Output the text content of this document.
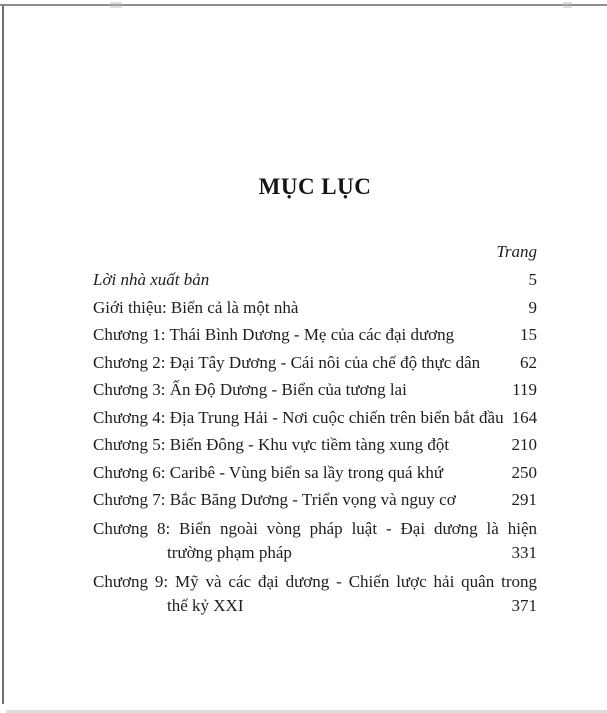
MỤC LỤC
Trang
Lời nhà xuất bản	5
Giới thiệu: Biển cả là một nhà	9
Chương 1: Thái Bình Dương - Mẹ của các đại dương	15
Chương 2: Đại Tây Dương - Cái nôi của chế độ thực dân	62
Chương 3: Ấn Độ Dương - Biển của tương lai	119
Chương 4: Địa Trung Hải - Nơi cuộc chiến trên biển bắt đầu 164
Chương 5: Biển Đông - Khu vực tiềm tàng xung đột	210
Chương 6: Caribê - Vùng biển sa lầy trong quá khứ	250
Chương 7: Bắc Băng Dương - Triển vọng và nguy cơ	291
Chương 8: Biển ngoài vòng pháp luật - Đại dương là hiện
trường phạm pháp	331
Chương 9: Mỹ và các đại dương - Chiến lược hải quân trong
thế kỷ XXI	371
